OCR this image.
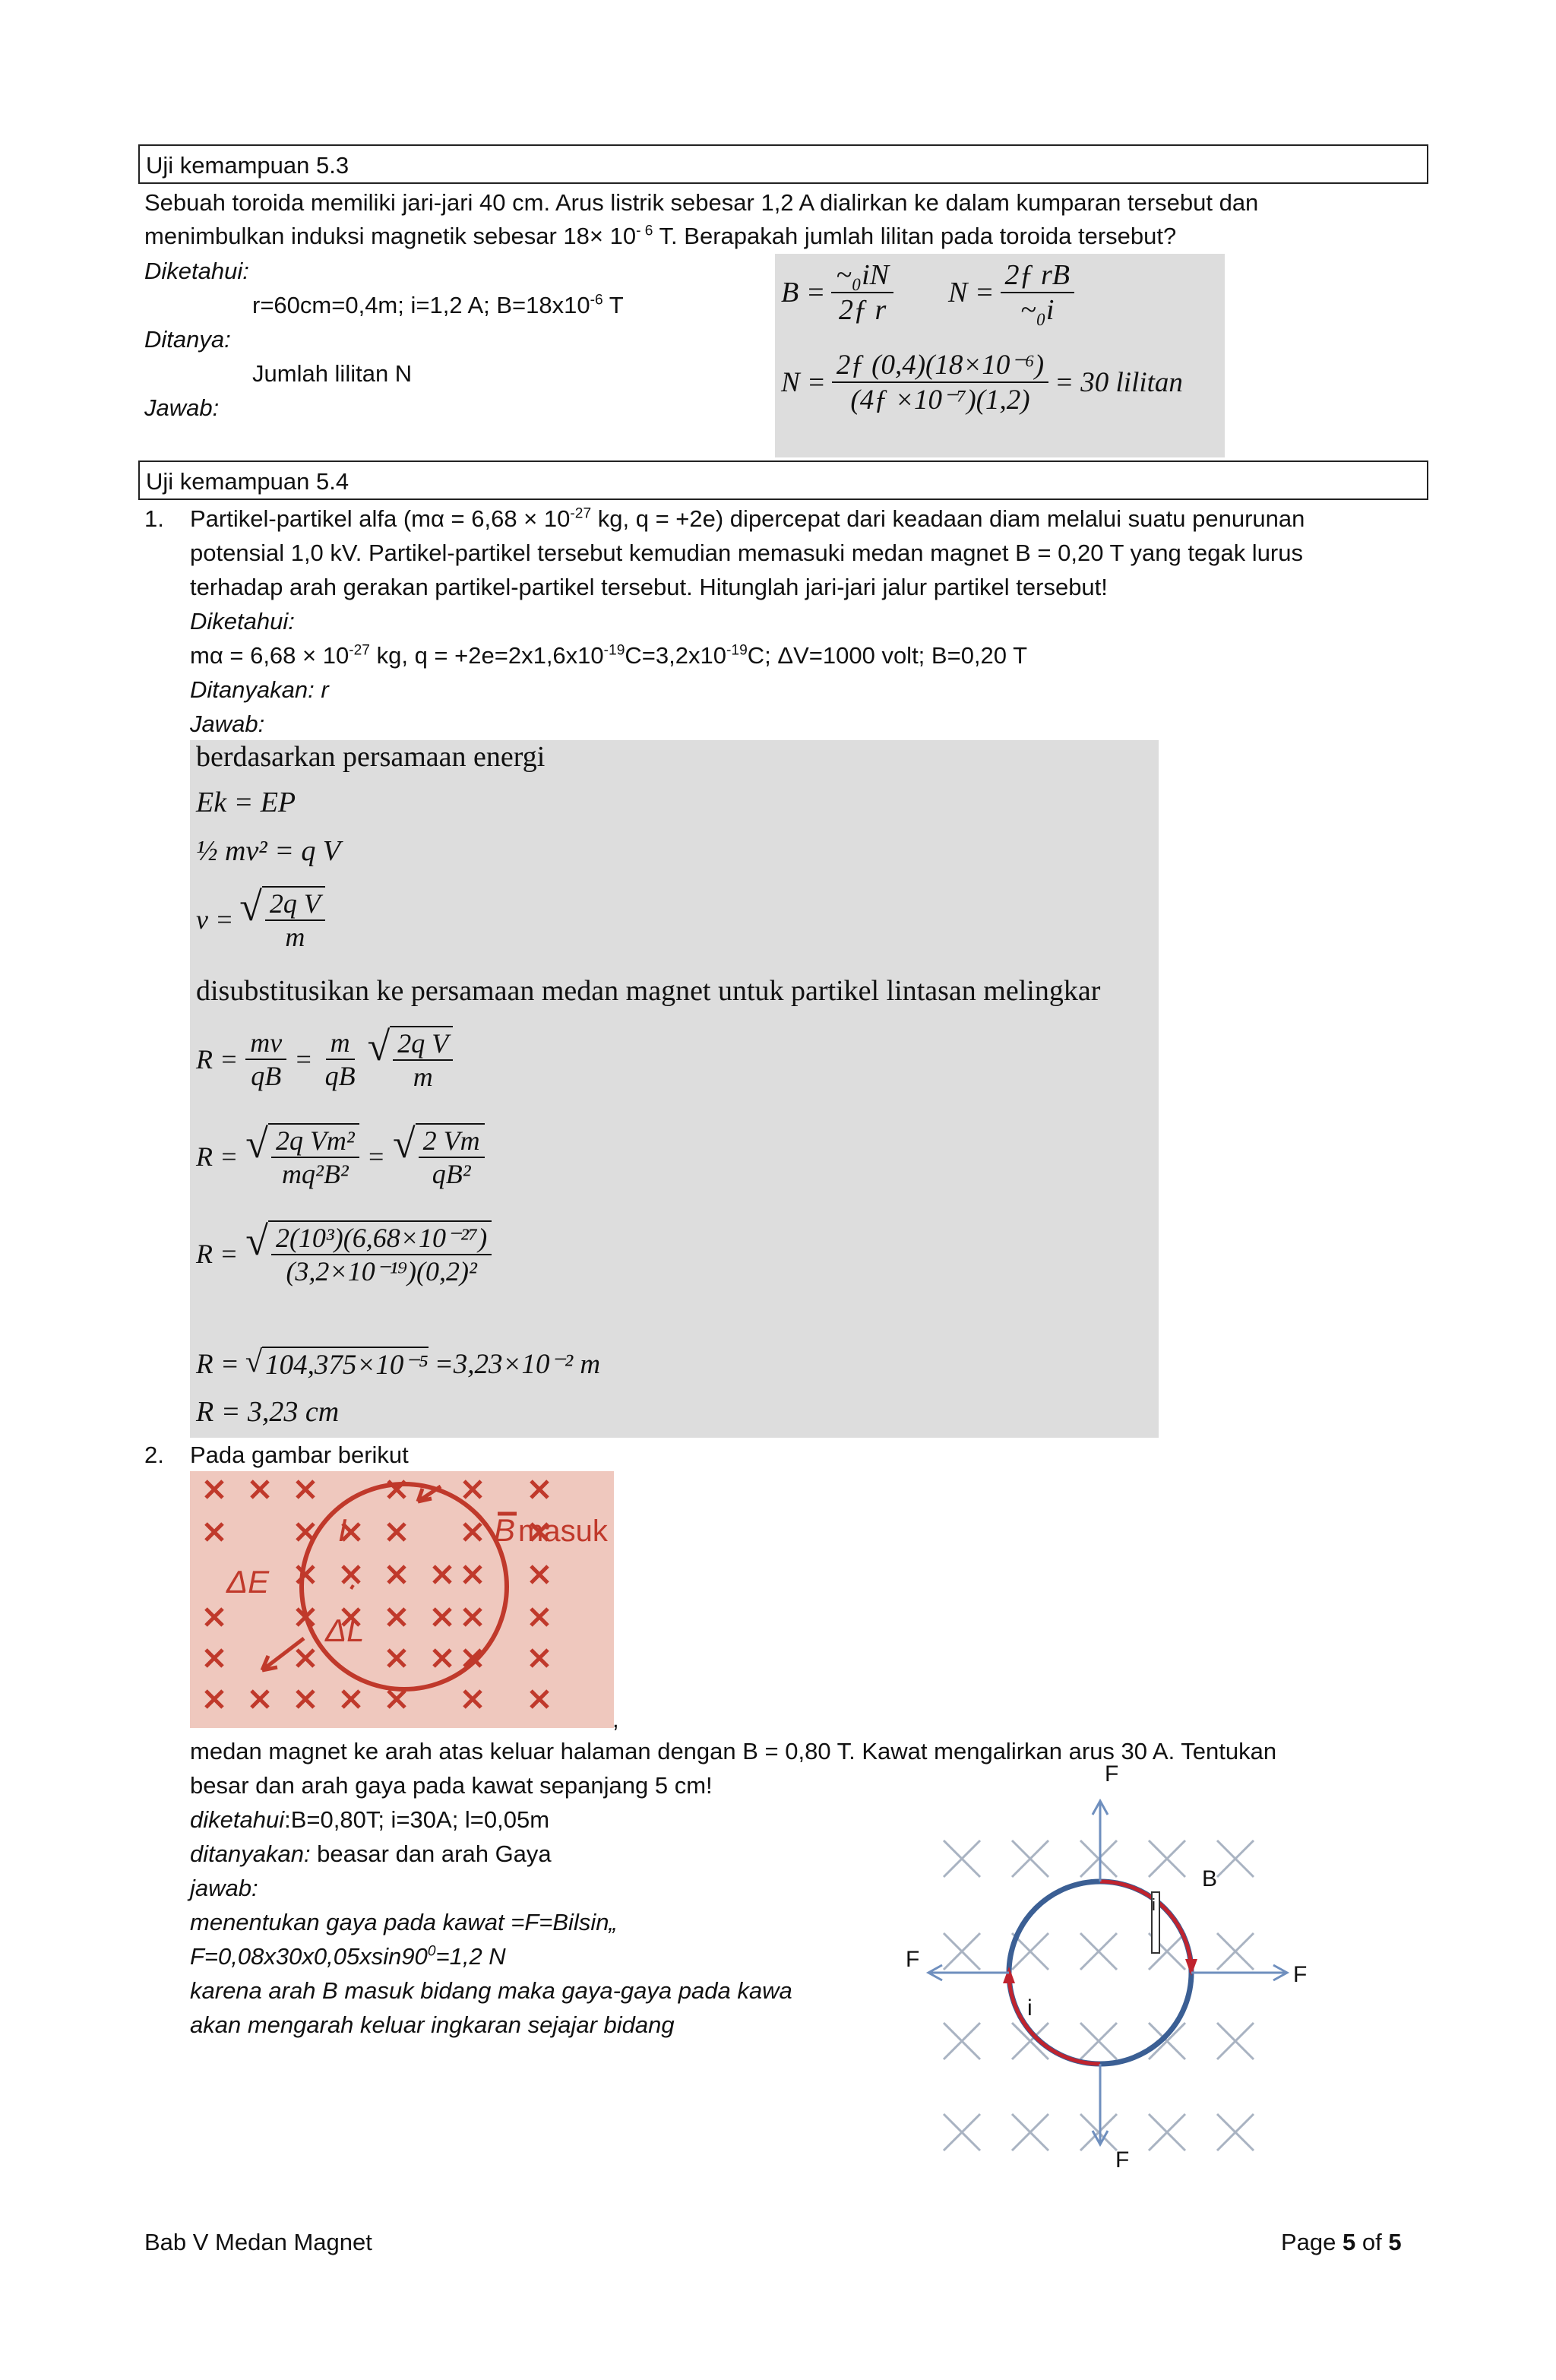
Uji kemampuan 5.3
Sebuah toroida memiliki jari-jari 40 cm. Arus listrik sebesar 1,2 A dialirkan ke dalam kumparan tersebut dan
menimbulkan induksi magnetik sebesar $18\times 10^{- 6}$ T. Berapakah jumlah lilitan pada toroida tersebut?
Diketahui:
r=60cm=0,4m; i=1,2 A; $B=18x10^{-6}$ T
Ditanya:
Jumlah lilitan N
Jawab:
$B = \frac{\text{\textasciitilde{}₀iN}}{\text{2ƒ r}}$ $N = \frac{\text{2ƒ rB}}{\text{\textasciitilde{}₀i}}$
$N = \frac{\text{2ƒ (0,4)(18×10⁻⁶)}}{\text{(4ƒ ×10⁻⁷)(1,2)}} = 30$ lilitan
Uji kemampuan 5.4
1. Partikel-partikel alfa ($m\alpha = 6,68 \times 10^{-27}$ kg, q = +2e) dipercepat dari keadaan diam melalui suatu penurunan
potensial 1,0 kV. Partikel-partikel tersebut kemudian memasuki medan magnet B = 0,20 T yang tegak lurus
terhadap arah gerakan partikel-partikel tersebut. Hitunglah jari-jari jalur partikel tersebut!
Diketahui:
$m\alpha = 6,68 \times 10^{-27}$ kg, $q = +2e=2x1,6x10^{-19}C=3,2x10^{-19}C$; ΔV=1000 volt; B=0,20 T
Ditanyakan: r
Jawab:
berdasarkan persamaan energi
Ek = EP
½ mv² = q V
v = √ $\frac{\text{2q V}}{m}$
disubstitusikan ke persamaan medan magnet untuk partikel lintasan melingkar
$R = \frac{mv}{qB} = \frac{m}{qB}$ √ $\frac{\text{2q V}}{m}$
R = √ $\frac{\text{2q Vm²}}{\text{mq²B²}}$ = √ $\frac{2 Vm}{\text{qB²}}$
R = √ $\frac{\text{2(10³)(6,68×10⁻²⁷)}}{\text{(3,2×10⁻¹⁹)(0,2)²}}$
R = √ 104,375×10⁻⁵ =3,23×10⁻² m
R = 3,23 cm
2. Pada gambar berikut
I	B masuk
ΔE
ΔL
,
medan magnet ke arah atas keluar halaman dengan B = 0,80 T. Kawat mengalirkan arus 30 A. Tentukan
besar dan arah gaya pada kawat sepanjang 5 cm!
diketahui:B=0,80T; i=30A; l=0,05m
ditanyakan: beasar dan arah Gaya
jawab:
menentukan gaya pada kawat =F=Bilsin„
$F=0,08x30x0,05xsin90^0=1,2$ N
karena arah B masuk bidang maka gaya-gaya pada kawa
akan mengarah keluar ingkaran sejajar bidang
F
F
F
F
B
i
i
Bab V Medan Magnet	Page 5 of 5
